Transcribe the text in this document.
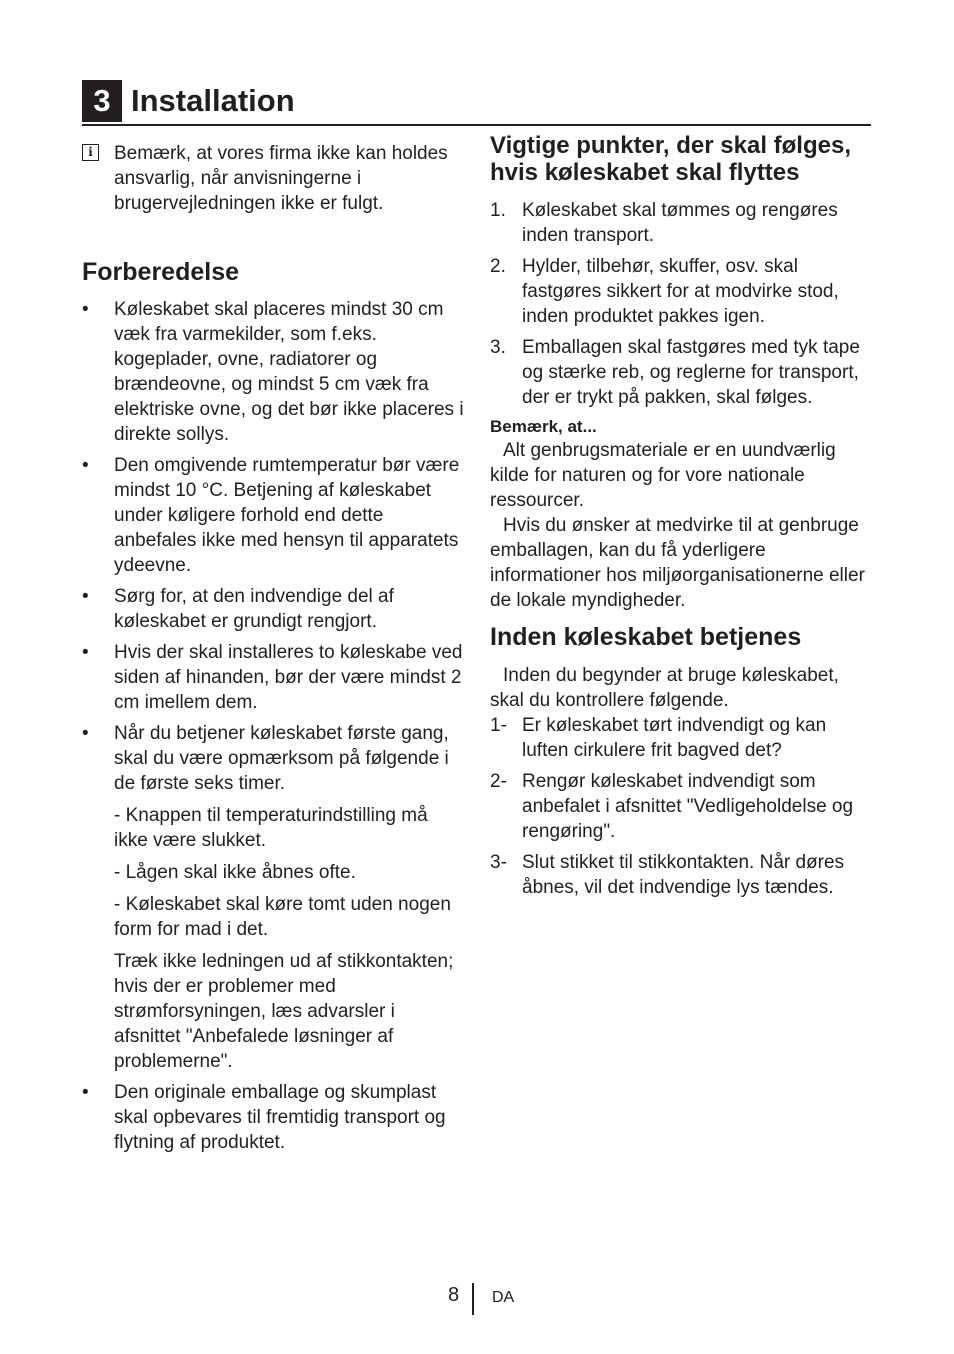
3 Installation

i	Bemærk, at vores firma ikke kan holdes ansvarlig, når anvisningerne i brugervejledningen ikke er fulgt.

Forberedelse
• Køleskabet skal placeres mindst 30 cm væk fra varmekilder, som f.eks. kogeplader, ovne, radiatorer og brændeovne, og mindst 5 cm væk fra elektriske ovne, og det bør ikke placeres i direkte sollys.
• Den omgivende rumtemperatur bør være mindst 10 °C. Betjening af køleskabet under køligere forhold end dette anbefales ikke med hensyn til apparatets ydeevne.
• Sørg for, at den indvendige del af køleskabet er grundigt rengjort.
• Hvis der skal installeres to køleskabe ved siden af hinanden, bør der være mindst 2 cm imellem dem.
• Når du betjener køleskabet første gang, skal du være opmærksom på følgende i de første seks timer.

- Knappen til temperaturindstilling må ikke være slukket.

- Lågen skal ikke åbnes ofte.

- Køleskabet skal køre tomt uden nogen form for mad i det.

Træk ikke ledningen ud af stikkontakten; hvis der er problemer med strømforsyningen, læs advarsler i afsnittet "Anbefalede løsninger af problemerne".

• Den originale emballage og skumplast skal opbevares til fremtidig transport og flytning af produktet.
Vigtige punkter, der skal følges, hvis køleskabet skal flyttes
1. Køleskabet skal tømmes og rengøres inden transport.
2. Hylder, tilbehør, skuffer, osv. skal fastgøres sikkert for at modvirke stod, inden produktet pakkes igen.
3. Emballagen skal fastgøres med tyk tape og stærke reb, og reglerne for transport, der er trykt på pakken, skal følges.
Bemærk, at...

Alt genbrugsmateriale er en uundværlig kilde for naturen og for vore nationale ressourcer.

Hvis du ønsker at medvirke til at genbruge emballagen, kan du få yderligere informationer hos miljøorganisationerne eller de lokale myndigheder.

Inden køleskabet betjenes

Inden du begynder at bruge køleskabet, skal du kontrollere følgende.

1- Er køleskabet tørt indvendigt og kan luften cirkulere frit bagved det?
2- Rengør køleskabet indvendigt som anbefalet i afsnittet "Vedligeholdelse og rengøring".
3- Slut stikket til stikkontakten. Når døres åbnes, vil det indvendige lys tændes.
8 DA
